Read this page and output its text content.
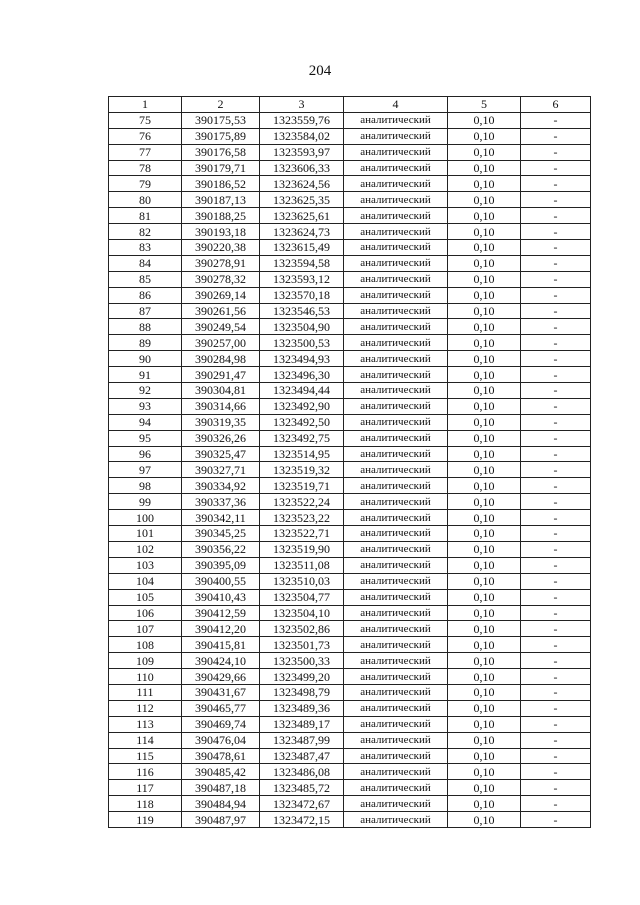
204
1	2	3	4	5	6
75	390175,53	1323559,76	аналитический	0,10	-
76	390175,89	1323584,02	аналитический	0,10	-
77	390176,58	1323593,97	аналитический	0,10	-
78	390179,71	1323606,33	аналитический	0,10	-
79	390186,52	1323624,56	аналитический	0,10	-
80	390187,13	1323625,35	аналитический	0,10	-
81	390188,25	1323625,61	аналитический	0,10	-
82	390193,18	1323624,73	аналитический	0,10	-
83	390220,38	1323615,49	аналитический	0,10	-
84	390278,91	1323594,58	аналитический	0,10	-
85	390278,32	1323593,12	аналитический	0,10	-
86	390269,14	1323570,18	аналитический	0,10	-
87	390261,56	1323546,53	аналитический	0,10	-
88	390249,54	1323504,90	аналитический	0,10	-
89	390257,00	1323500,53	аналитический	0,10	-
90	390284,98	1323494,93	аналитический	0,10	-
91	390291,47	1323496,30	аналитический	0,10	-
92	390304,81	1323494,44	аналитический	0,10	-
93	390314,66	1323492,90	аналитический	0,10	-
94	390319,35	1323492,50	аналитический	0,10	-
95	390326,26	1323492,75	аналитический	0,10	-
96	390325,47	1323514,95	аналитический	0,10	-
97	390327,71	1323519,32	аналитический	0,10	-
98	390334,92	1323519,71	аналитический	0,10	-
99	390337,36	1323522,24	аналитический	0,10	-
100	390342,11	1323523,22	аналитический	0,10	-
101	390345,25	1323522,71	аналитический	0,10	-
102	390356,22	1323519,90	аналитический	0,10	-
103	390395,09	1323511,08	аналитический	0,10	-
104	390400,55	1323510,03	аналитический	0,10	-
105	390410,43	1323504,77	аналитический	0,10	-
106	390412,59	1323504,10	аналитический	0,10	-
107	390412,20	1323502,86	аналитический	0,10	-
108	390415,81	1323501,73	аналитический	0,10	-
109	390424,10	1323500,33	аналитический	0,10	-
110	390429,66	1323499,20	аналитический	0,10	-
111	390431,67	1323498,79	аналитический	0,10	-
112	390465,77	1323489,36	аналитический	0,10	-
113	390469,74	1323489,17	аналитический	0,10	-
114	390476,04	1323487,99	аналитический	0,10	-
115	390478,61	1323487,47	аналитический	0,10	-
116	390485,42	1323486,08	аналитический	0,10	-
117	390487,18	1323485,72	аналитический	0,10	-
118	390484,94	1323472,67	аналитический	0,10	-
119	390487,97	1323472,15	аналитический	0,10	-
